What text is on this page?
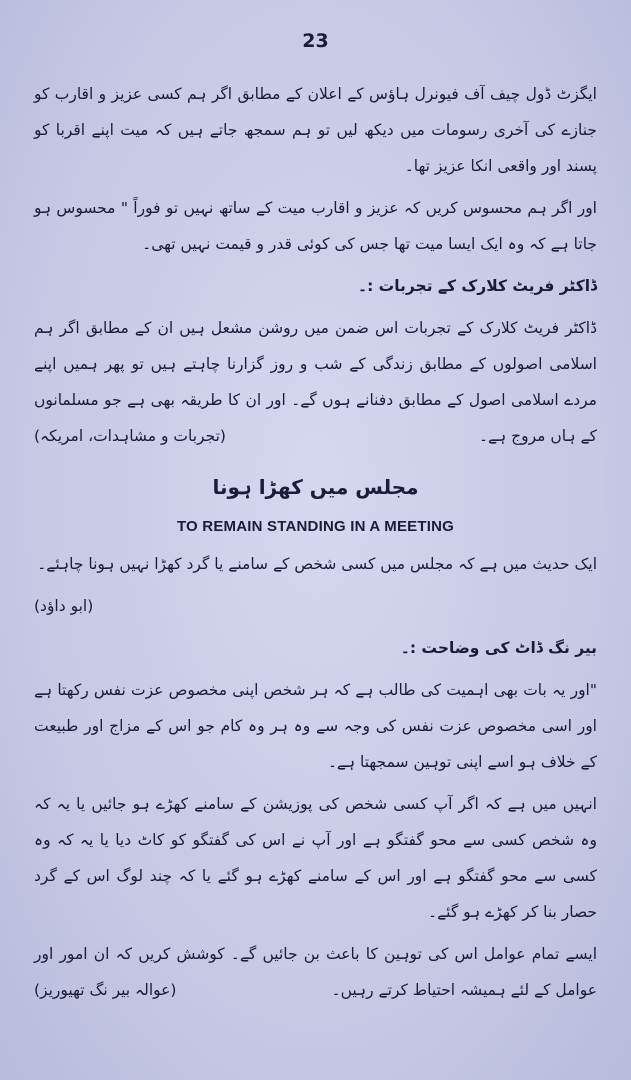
23

ایگزٹ ڈول چیف آف فیونرل ہاؤس کے اعلان کے مطابق اگر ہم کسی عزیز و اقارب کو جنازے کی آخری رسومات میں دیکھ لیں تو ہم سمجھ جاتے ہیں کہ میت اپنے اقربا کو پسند اور واقعی انکا عزیز تھا۔

اور اگر ہم محسوس کریں کہ عزیز و اقارب میت کے ساتھ نہیں تو فوراً " محسوس ہو جاتا ہے کہ وہ ایک ایسا میت تھا جس کی کوئی قدر و قیمت نہیں تھی۔

ڈاکٹر فریٹ کلارک کے تجربات :۔

ڈاکٹر فریٹ کلارک کے تجربات اس ضمن میں روشن مشعل ہیں ان کے مطابق اگر ہم اسلامی اصولوں کے مطابق زندگی کے شب و روز گزارنا چاہتے ہیں تو پھر ہمیں اپنے مردے اسلامی اصول کے مطابق دفنانے ہوں گے۔ اور ان کا طریقہ بھی ہے جو مسلمانوں کے ہاں مروج ہے۔
(تجربات و مشاہدات، امریکہ)

مجلس میں کھڑا ہونا
TO REMAIN STANDING IN A MEETING

ایک حدیث میں ہے کہ مجلس میں کسی شخص کے سامنے یا گرد کھڑا نہیں ہونا چاہئے۔

(ابو داؤد)

بیر نگ ڈاٹ کی وضاحت :۔

"اور یہ بات بھی اہمیت کی طالب ہے کہ ہر شخص اپنی مخصوص عزت نفس رکھتا ہے اور اسی مخصوص عزت نفس کی وجہ سے وہ ہر وہ کام جو اس کے مزاج اور طبیعت کے خلاف ہو اسے اپنی توہین سمجھتا ہے۔

انہیں میں ہے کہ اگر آپ کسی شخص کی پوزیشن کے سامنے کھڑے ہو جائیں یا یہ کہ وہ شخص کسی سے محو گفتگو ہے اور آپ نے اس کی گفتگو کو کاٹ دیا یا یہ کہ وہ کسی سے محو گفتگو ہے اور اس کے سامنے کھڑے ہو گئے یا کہ چند لوگ اس کے گرد حصار بنا کر کھڑے ہو گئے۔

ایسے تمام عوامل اس کی توہین کا باعث بن جائیں گے۔ کوشش کریں کہ ان امور اور عوامل کے لئے ہمیشہ احتیاط کرتے رہیں۔
(عوالہ بیر نگ تھیوریز)
